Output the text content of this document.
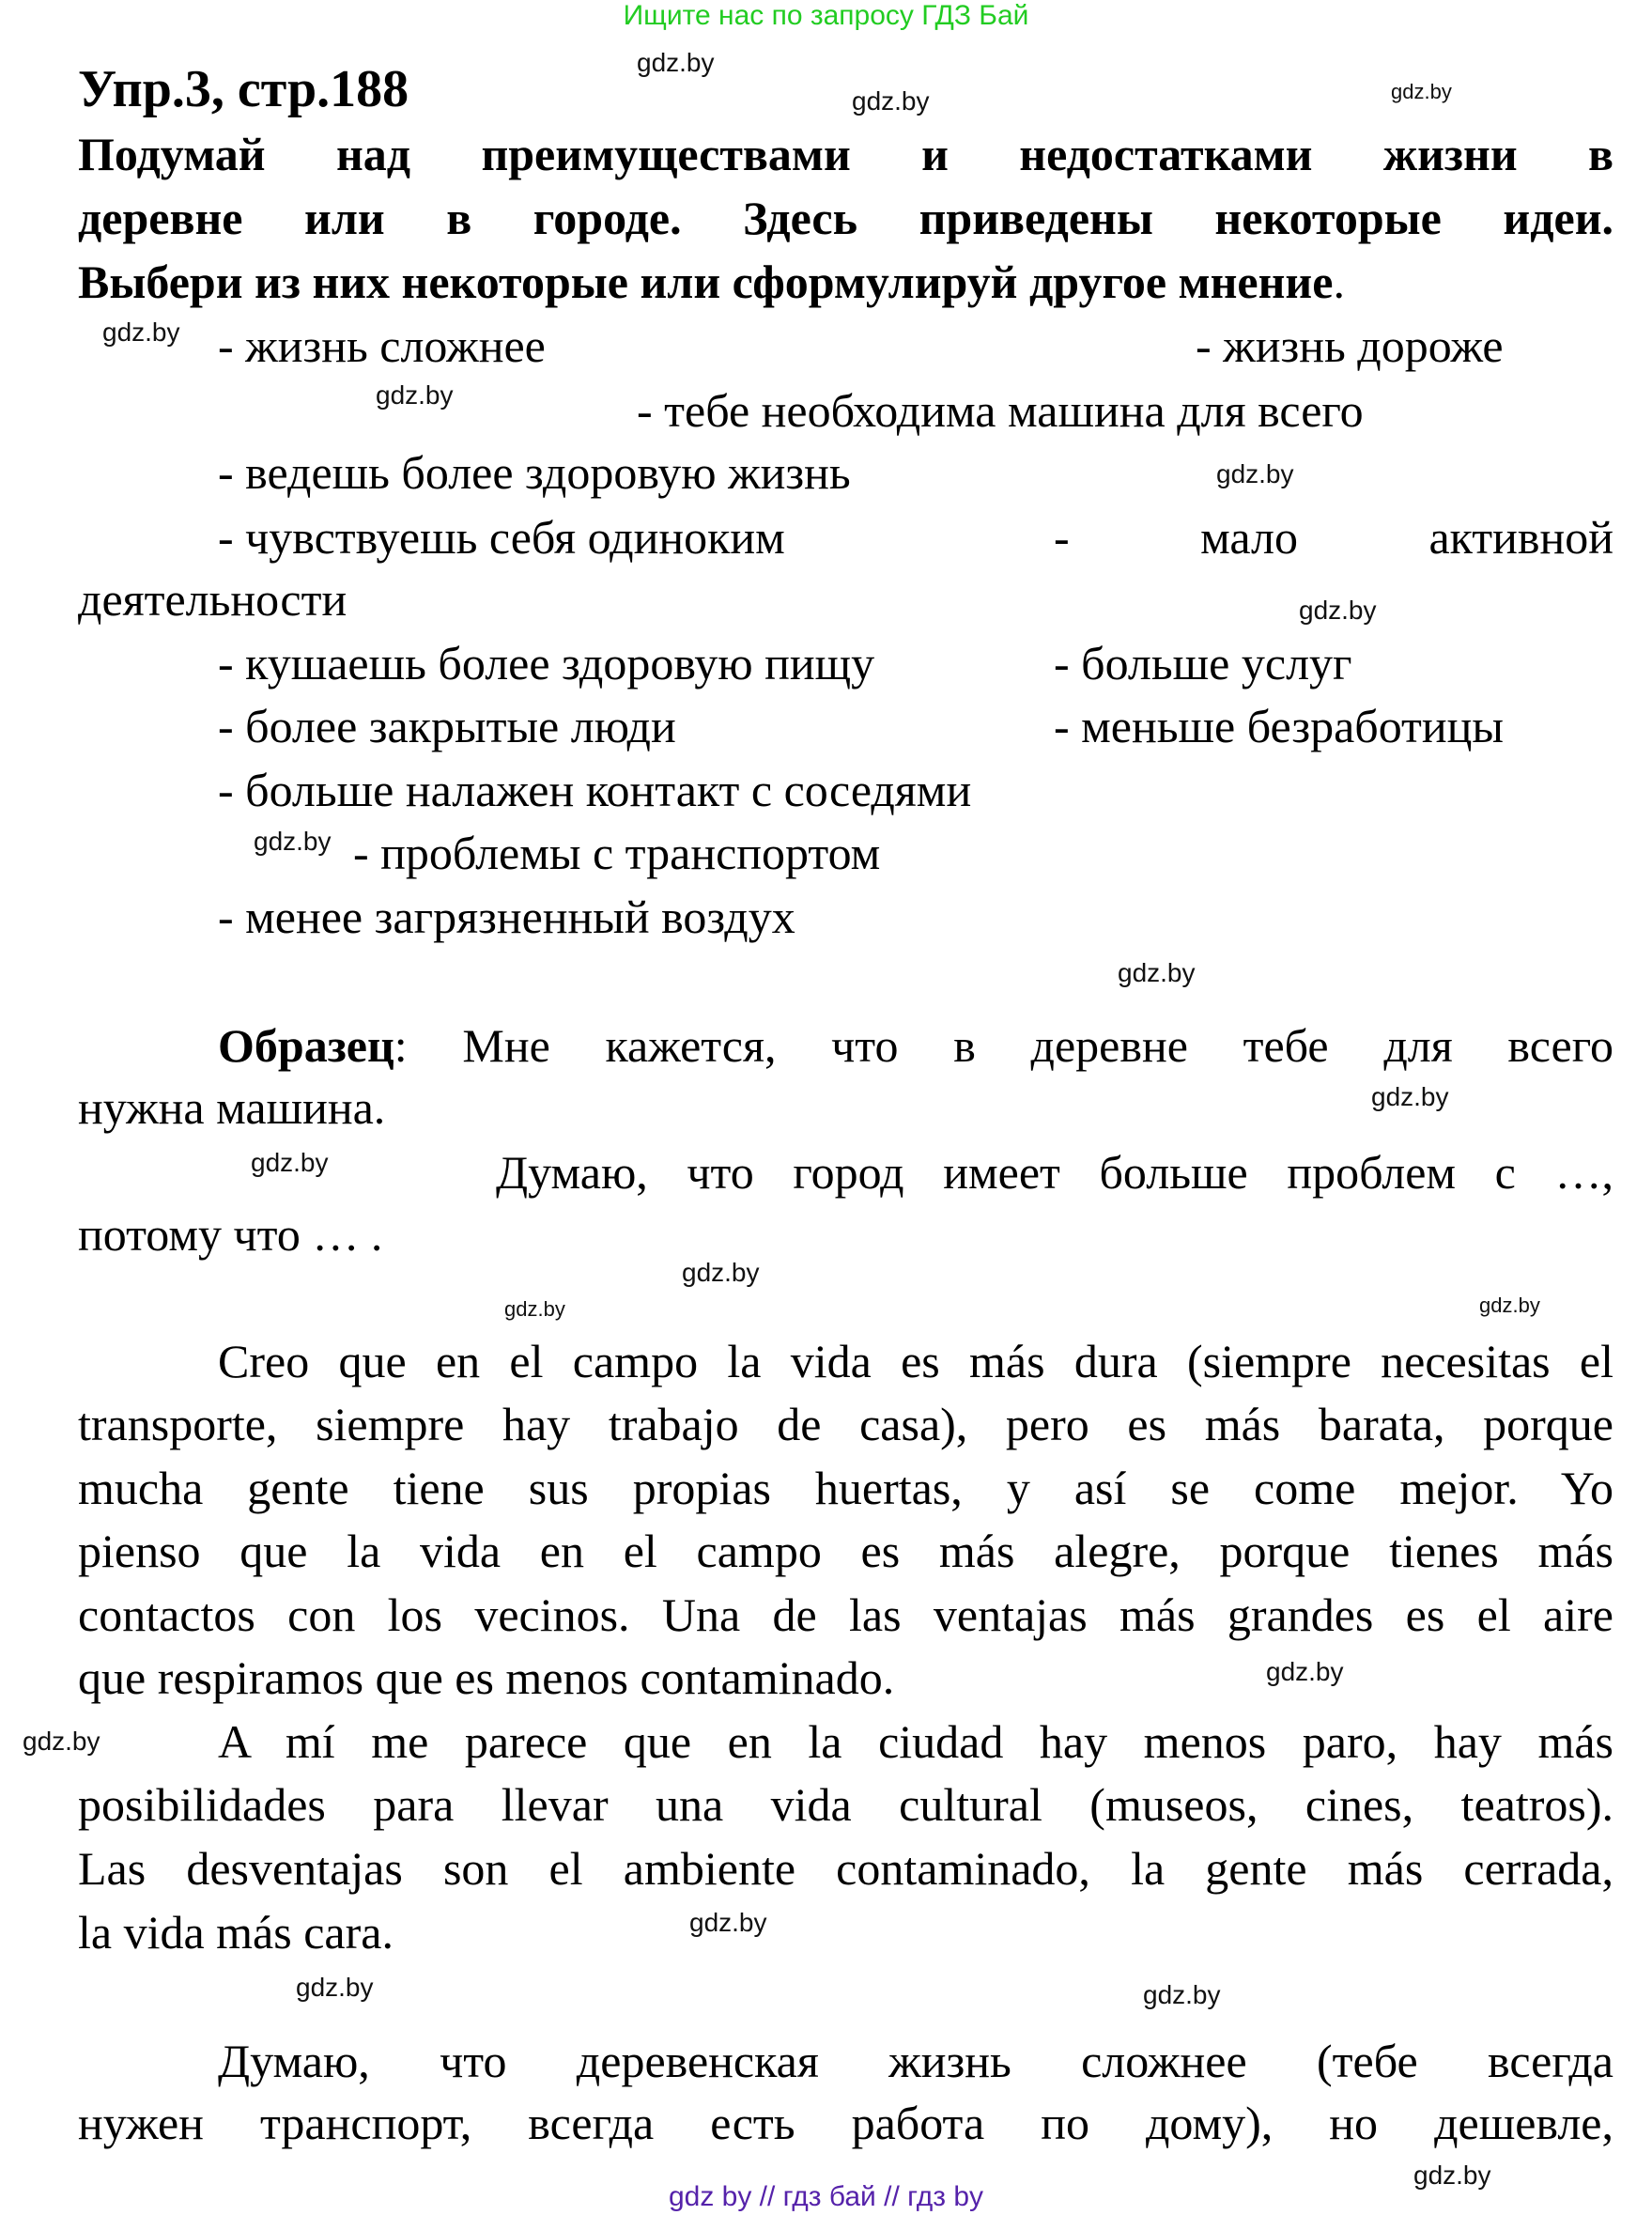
Ищите нас по запросу ГДЗ Бай
Упр.3, стр.188
Подумай над преимуществами и недостатками жизни в
деревне или в городе. Здесь приведены некоторые идеи.
Выбери из них некоторые или сформулируй другое мнение.
- жизнь сложнее	- жизнь дороже
- тебе необходима машина для всего
- ведешь более здоровую жизнь
- чувствуешь себя одиноким	- мало активной
деятельности
- кушаешь более здоровую пищу	- больше услуг
- более закрытые люди	- меньше безработицы
- больше налажен контакт с соседями
- проблемы с транспортом
- менее загрязненный воздух
Образец: Мне кажется, что в деревне тебе для всего
нужна машина.
Думаю, что город имеет больше проблем с …,
потому что … .
Creo que en el campo la vida es más dura (siempre necesitas el
transporte, siempre hay trabajo de casa), pero es más barata, porque
mucha gente tiene sus propias huertas, y así se come mejor. Yo
pienso que la vida en el campo es más alegre, porque tienes más
contactos con los vecinos. Una de las ventajas más grandes es el aire
que respiramos que es menos contaminado.
A mí me parece que en la ciudad hay menos paro, hay más
posibilidades para llevar una vida cultural (museos, cines, teatros).
Las desventajas son el ambiente contaminado, la gente más cerrada,
la vida más cara.
Думаю, что деревенская жизнь сложнее (тебе всегда
нужен транспорт, всегда есть работа по дому), но дешевле,
gdz.by
gdz.by	gdz.by
gdz.by
gdz.by
gdz.by
gdz.by
gdz.by
gdz.by
gdz.by
gdz.by
gdz.by
gdz.by
gdz.by
gdz.by
gdz.by
gdz.by
gdz.by	gdz.by
gdz.by
gdz by // гдз бай // гдз by
